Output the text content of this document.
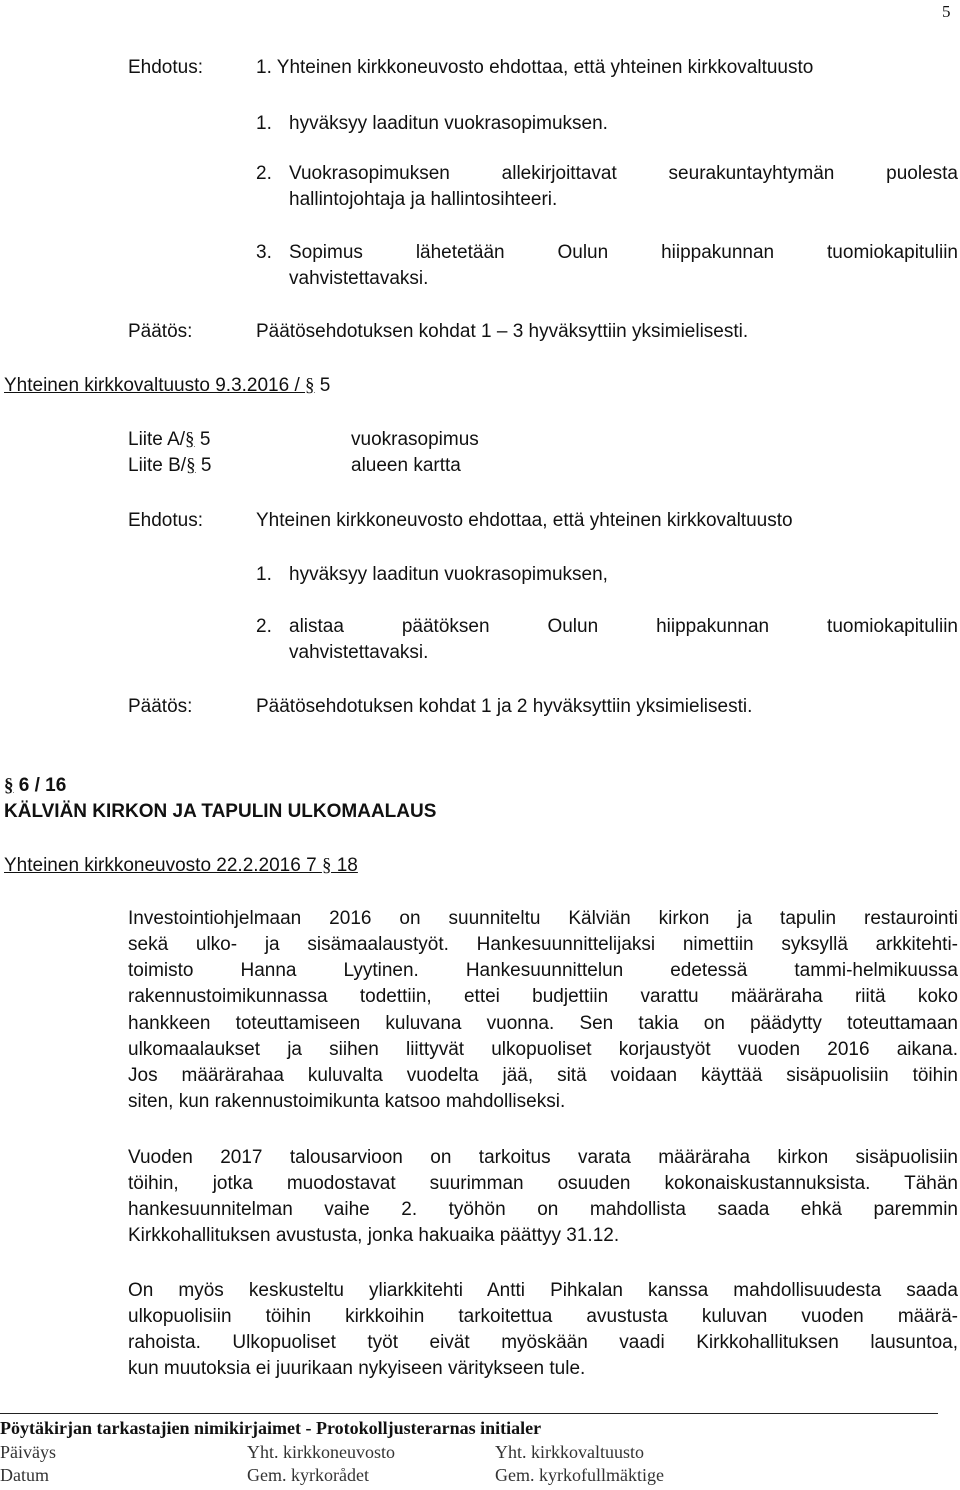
5
Ehdotus:	1. Yhteinen kirkkoneuvosto ehdottaa, että yhteinen kirkkovaltuusto
1. hyväksyy laaditun vuokrasopimuksen.
2. Vuokrasopimuksen allekirjoittavat seurakuntayhtymän puolesta
hallintojohtaja ja hallintosihteeri.
3. Sopimus lähetetään Oulun hiippakunnan tuomiokapituliin
vahvistettavaksi.
Päätös:	Päätösehdotuksen kohdat 1 – 3 hyväksyttiin yksimielisesti.
Yhteinen kirkkovaltuusto 9.3.2016 / § 5
Liite A/§ 5	vuokrasopimus
Liite B/§ 5	alueen kartta
Ehdotus:	Yhteinen kirkkoneuvosto ehdottaa, että yhteinen kirkkovaltuusto
1. hyväksyy laaditun vuokrasopimuksen,
2. alistaa päätöksen Oulun hiippakunnan tuomiokapituliin
vahvistettavaksi.
Päätös:	Päätösehdotuksen kohdat 1 ja 2 hyväksyttiin yksimielisesti.
§ 6 / 16
KÄLVIÄN KIRKON JA TAPULIN ULKOMAALAUS
Yhteinen kirkkoneuvosto 22.2.2016 7 § 18
Investointiohjelmaan 2016 on suunniteltu Kälviän kirkon ja tapulin restaurointi
sekä ulko- ja sisämaalaustyöt. Hankesuunnittelijaksi nimettiin syksyllä arkkitehti-
toimisto Hanna Lyytinen. Hankesuunnittelun edetessä tammi-helmikuussa
rakennustoimikunnassa todettiin, ettei budjettiin varattu määräraha riitä koko
hankkeen toteuttamiseen kuluvana vuonna. Sen takia on päädytty toteuttamaan
ulkomaalaukset ja siihen liittyvät ulkopuoliset korjaustyöt vuoden 2016 aikana.
Jos määrärahaa kuluvalta vuodelta jää, sitä voidaan käyttää sisäpuolisiin töihin
siten, kun rakennustoimikunta katsoo mahdolliseksi.
Vuoden 2017 talousarvioon on tarkoitus varata määräraha kirkon sisäpuolisiin
töihin, jotka muodostavat suurimman osuuden kokonaiskustannuksista. Tähän
hankesuunnitelman vaihe 2. työhön on mahdollista saada ehkä paremmin
Kirkkohallituksen avustusta, jonka hakuaika päättyy 31.12.
On myös keskusteltu yliarkkitehti Antti Pihkalan kanssa mahdollisuudesta saada
ulkopuolisiin töihin kirkkoihin tarkoitettua avustusta kuluvan vuoden määrä-
rahoista. Ulkopuoliset työt eivät myöskään vaadi Kirkkohallituksen lausuntoa,
kun muutoksia ei juurikaan nykyiseen väritykseen tule.
Pöytäkirjan tarkastajien nimikirjaimet - Protokolljusterarnas initialer
Päiväys	Yht. kirkkoneuvosto	Yht. kirkkovaltuusto
Datum	Gem. kyrkorådet	Gem. kyrkofullmäktige
